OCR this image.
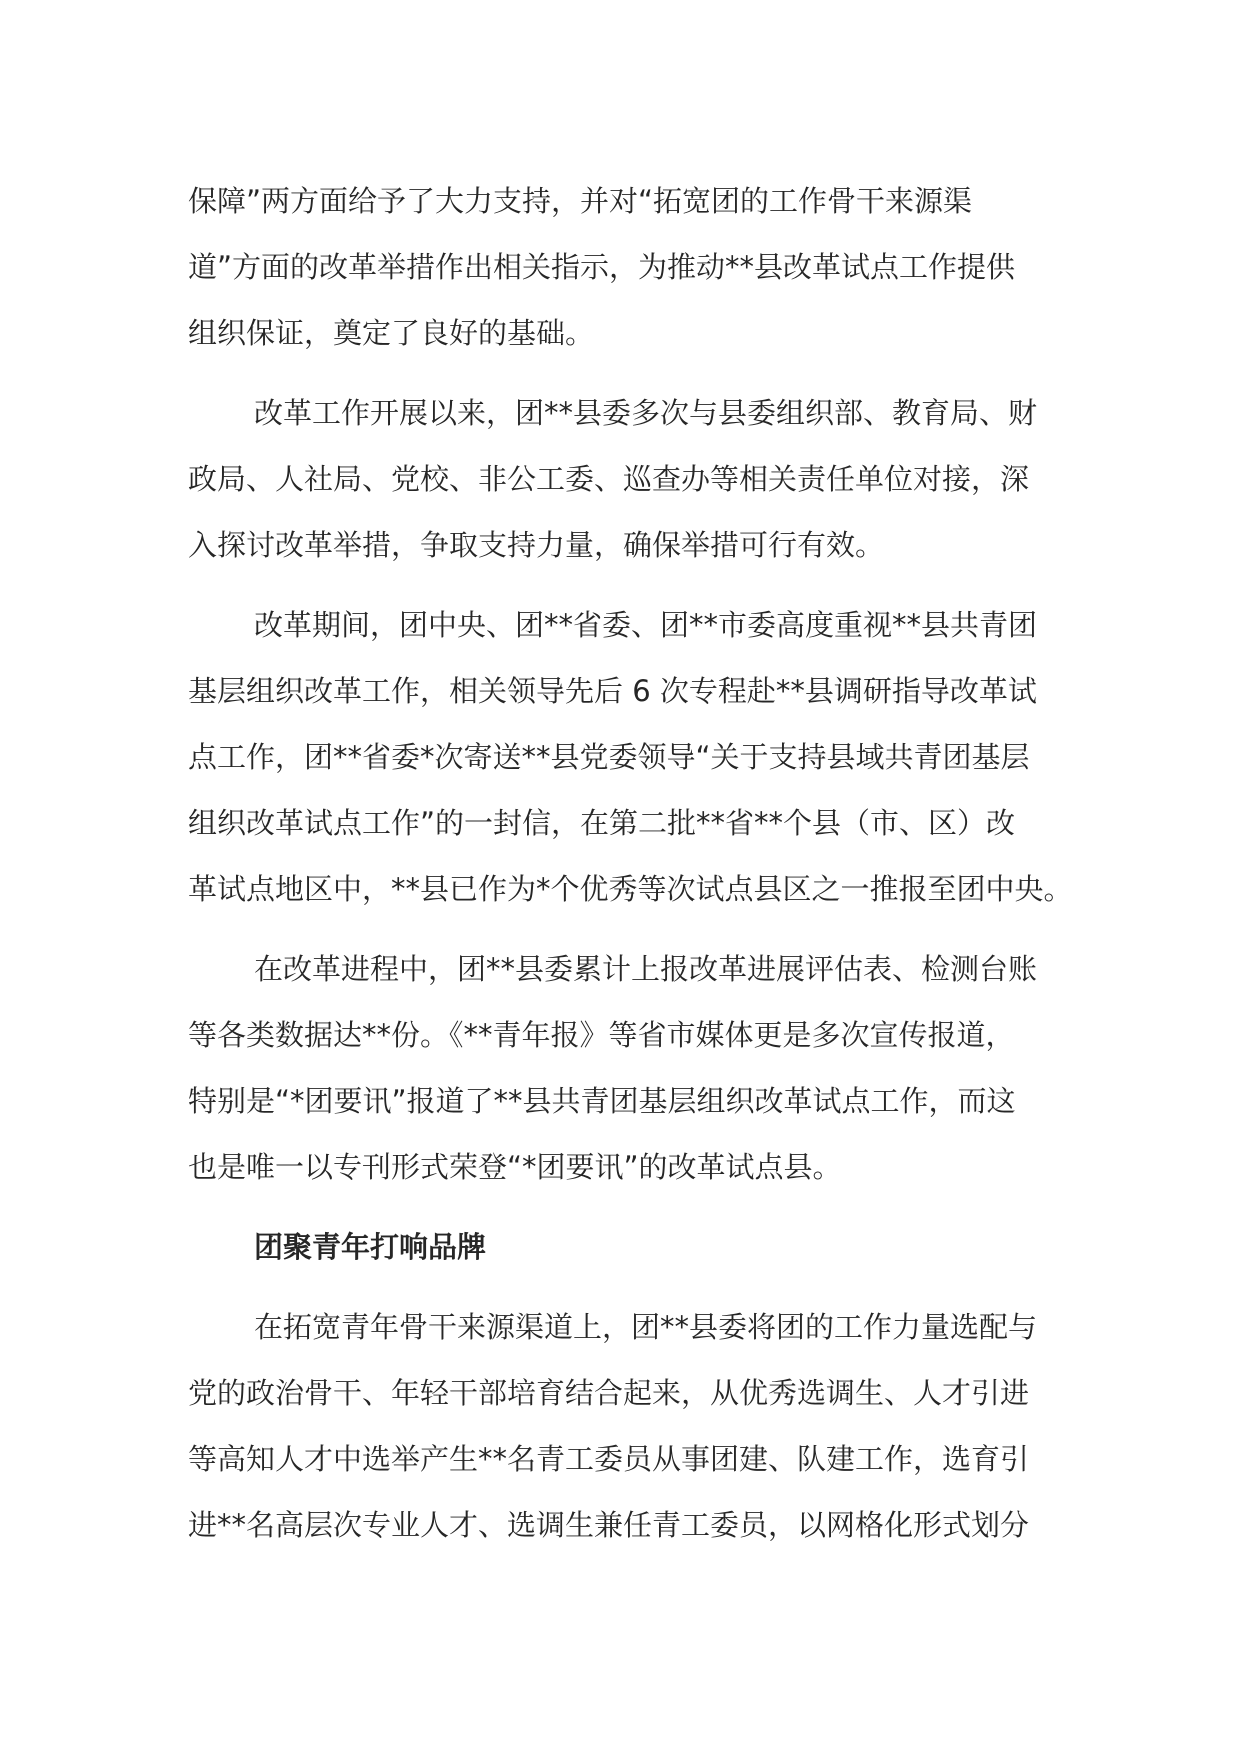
保障”两方面给予了大力支持，并对“拓宽团的工作骨干来源渠
道”方面的改革举措作出相关指示，为推动**县改革试点工作提供
组织保证，奠定了良好的基础。
改革工作开展以来，团**县委多次与县委组织部、教育局、财
政局、人社局、党校、非公工委、巡查办等相关责任单位对接，深
入探讨改革举措，争取支持力量，确保举措可行有效。
改革期间，团中央、团**省委、团**市委高度重视**县共青团
基层组织改革工作，相关领导先后 6 次专程赴**县调研指导改革试
点工作，团**省委*次寄送**县党委领导“关于支持县域共青团基层
组织改革试点工作”的一封信，在第二批**省**个县（市、区）改
革试点地区中，**县已作为*个优秀等次试点县区之一推报至团中央。
在改革进程中，团**县委累计上报改革进展评估表、检测台账
等各类数据达**份。《**青年报》等省市媒体更是多次宣传报道，
特别是“*团要讯”报道了**县共青团基层组织改革试点工作，而这
也是唯一以专刊形式荣登“*团要讯”的改革试点县。
团聚青年打响品牌
在拓宽青年骨干来源渠道上，团**县委将团的工作力量选配与
党的政治骨干、年轻干部培育结合起来，从优秀选调生、人才引进
等高知人才中选举产生**名青工委员从事团建、队建工作，选育引
进**名高层次专业人才、选调生兼任青工委员，以网格化形式划分
